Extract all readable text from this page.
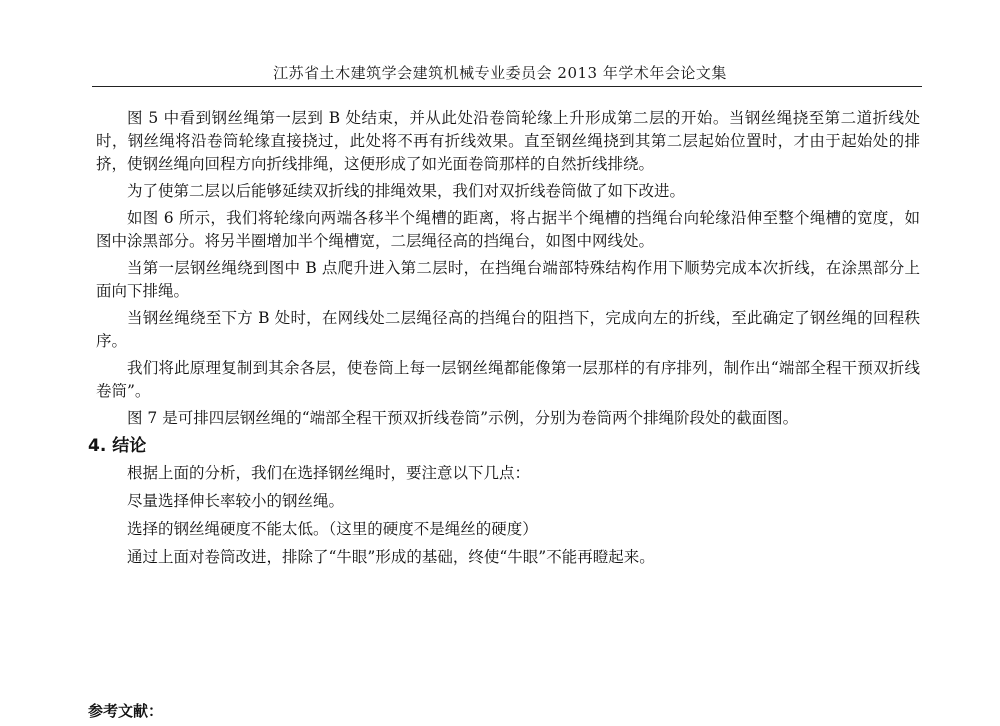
江苏省土木建筑学会建筑机械专业委员会 2013 年学术年会论文集

图 5 中看到钢丝绳第一层到 B 处结束，并从此处沿卷筒轮缘上升形成第二层的开始。当钢丝绳挠至第二道折线处时，钢丝绳将沿卷筒轮缘直接挠过，此处将不再有折线效果。直至钢丝绳挠到其第二层起始位置时，才由于起始处的排挤，使钢丝绳向回程方向折线排绳，这便形成了如光面卷筒那样的自然折线排绕。

为了使第二层以后能够延续双折线的排绳效果，我们对双折线卷筒做了如下改进。

如图 6 所示，我们将轮缘向两端各移半个绳槽的距离，将占据半个绳槽的挡绳台向轮缘沿伸至整个绳槽的宽度，如图中涂黑部分。将另半圈增加半个绳槽宽，二层绳径高的挡绳台，如图中网线处。

当第一层钢丝绳绕到图中 B 点爬升进入第二层时，在挡绳台端部特殊结构作用下顺势完成本次折线，在涂黑部分上面向下排绳。

当钢丝绳绕至下方 B 处时，在网线处二层绳径高的挡绳台的阻挡下，完成向左的折线，至此确定了钢丝绳的回程秩序。

我们将此原理复制到其余各层，使卷筒上每一层钢丝绳都能像第一层那样的有序排列，制作出“端部全程干预双折线卷筒”。

图 7 是可排四层钢丝绳的“端部全程干预双折线卷筒”示例，分别为卷筒两个排绳阶段处的截面图。

4. 结论

根据上面的分析，我们在选择钢丝绳时，要注意以下几点：

尽量选择伸长率较小的钢丝绳。

选择的钢丝绳硬度不能太低。（这里的硬度不是绳丝的硬度）

通过上面对卷筒改进，排除了“牛眼”形成的基础，终使“牛眼”不能再瞪起来。

参考文献：
